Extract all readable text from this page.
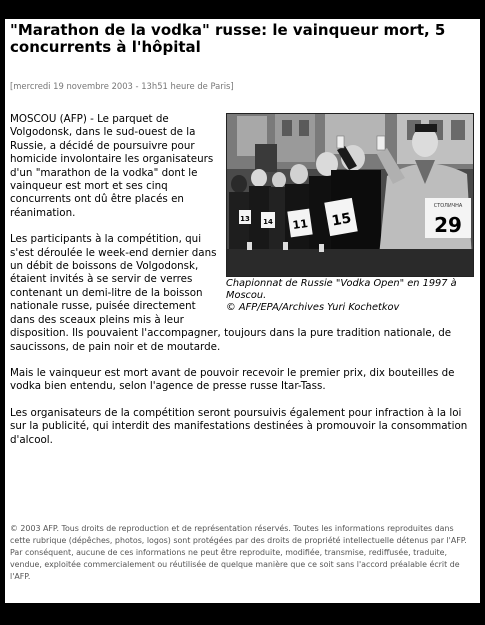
"Marathon de la vodka" russe: le vainqueur mort, 5 concurrents à l'hôpital
[mercredi 19 novembre 2003 - 13h51 heure de Paris]
13 14 11 15
СТОЛИЧНА
29
Chapionnat de Russie "Vodka Open" en 1997 à Moscou.
© AFP/EPA/Archives Yuri Kochetkov

MOSCOU (AFP) - Le parquet de Volgodonsk, dans le sud-ouest de la Russie, a décidé de poursuivre pour homicide involontaire les organisateurs d'un "marathon de la vodka" dont le vainqueur est mort et ses cinq concurrents ont dû être placés en réanimation.

Les participants à la compétition, qui s'est déroulée le week-end dernier dans un débit de boissons de Volgodonsk, étaient invités à se servir de verres contenant un demi-litre de la boisson nationale russe, puisée directement dans des sceaux pleins mis à leur disposition. Ils pouvaient l'accompagner, toujours dans la pure tradition nationale, de saucissons, de pain noir et de moutarde.

Mais le vainqueur est mort avant de pouvoir recevoir le premier prix, dix bouteilles de vodka bien entendu, selon l'agence de presse russe Itar-Tass.

Les organisateurs de la compétition seront poursuivis également pour infraction à la loi sur la publicité, qui interdit des manifestations destinées à promouvoir la consommation d'alcool.

© 2003 AFP. Tous droits de reproduction et de représentation réservés. Toutes les informations reproduites dans cette rubrique (dépêches, photos, logos) sont protégées par des droits de propriété intellectuelle détenus par l'AFP. Par conséquent, aucune de ces informations ne peut être reproduite, modifiée, transmise, rediffusée, traduite, vendue, exploitée commercialement ou réutilisée de quelque manière que ce soit sans l'accord préalable écrit de l'AFP.
